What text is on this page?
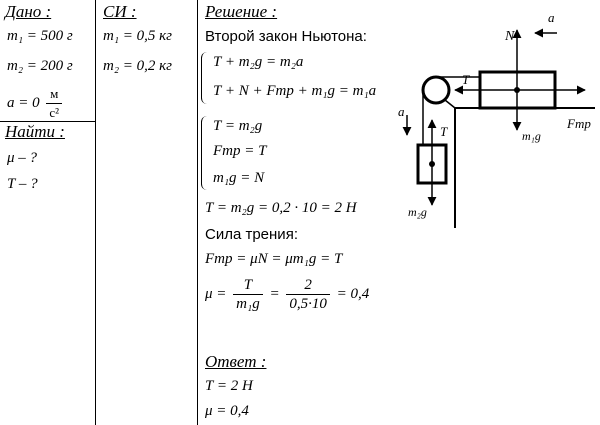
Дано :
m₁ = 500 г
m₂ = 200 г
$a = 0 \frac{м}{\text{с²}}$
Найти :
μ – ?
T – ?
СИ :
m₁ = 0,5 кг
m₂ = 0,2 кг
Решение :
Второй закон Ньютона:
T + m₂g = m₂a
T + N + Fтр + m₁g = m₁a
T = m₂g
Fтр = T
m₁g = N
T = m₂g = 0,2 · 10 = 2 Н
Сила трения:
Fтр = μN = μm₁g = T
$\mu = \frac{T}{\text{m₁g}} = \frac{2}{0,5\cdot 10} = 0,4$
Ответ :
T = 2 Н
μ = 0,4
N
a
T
a
T	m₁g
Fтр
m₂g
